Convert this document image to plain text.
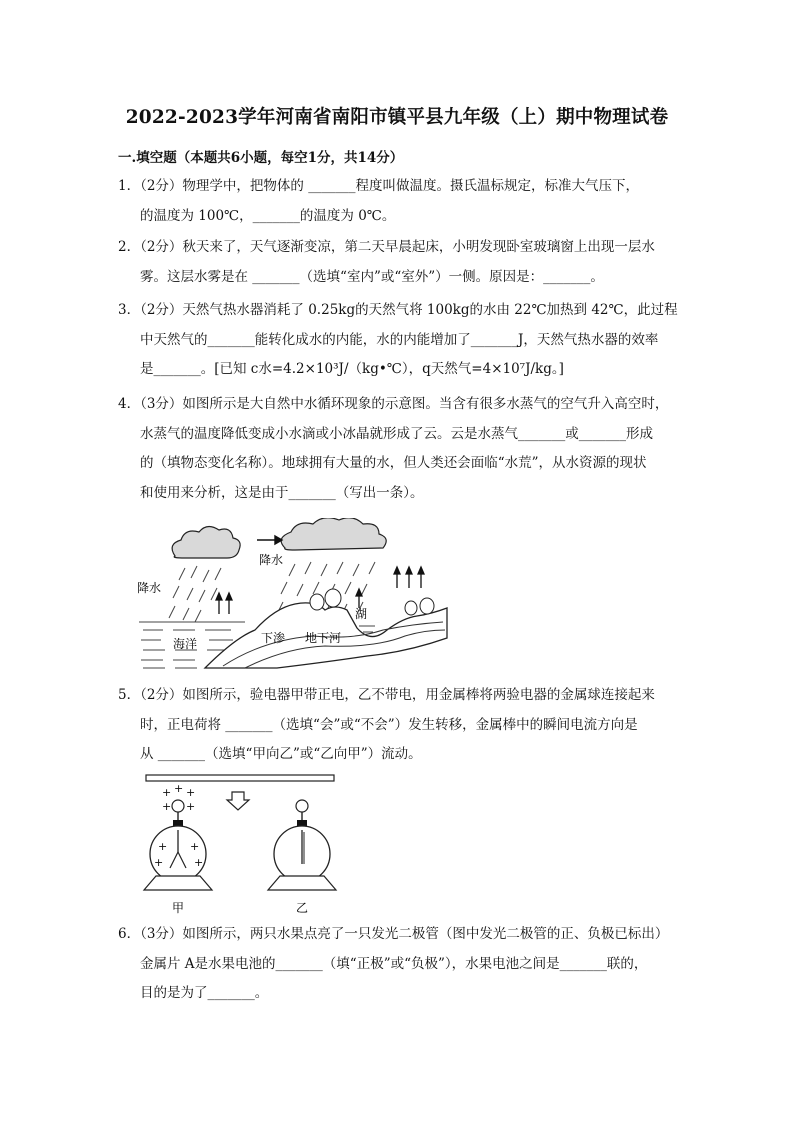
2022-2023学年河南省南阳市镇平县九年级（上）期中物理试卷
一.填空题（本题共6小题，每空1分，共14分）
1．（2分）物理学中，把物体的 _______程度叫做温度。摄氏温标规定，标准大气压下，
的温度为 100℃，_______的温度为 0℃。
2．（2分）秋天来了，天气逐渐变凉，第二天早晨起床，小明发现卧室玻璃窗上出现一层水
雾。这层水雾是在 _______（选填“室内”或“室外”）一侧。原因是：_______。
3．（2分）天然气热水器消耗了 0.25kg的天然气将 100kg的水由 22℃加热到 42℃，此过程
中天然气的_______能转化成水的内能，水的内能增加了_______J，天然气热水器的效率
是_______。[已知 c水=4.2×10³J/（kg•℃），q天然气=4×10⁷J/kg。]
4．（3分）如图所示是大自然中水循环现象的示意图。当含有很多水蒸气的空气升入高空时，
水蒸气的温度降低变成小水滴或小冰晶就形成了云。云是水蒸气_______或_______形成
的（填物态变化名称）。地球拥有大量的水，但人类还会面临“水荒”，从水资源的现状
和使用来分析，这是由于_______（写出一条）。
降水
降水
海洋	下渗 地下河
湖
5．（2分）如图所示，验电器甲带正电，乙不带电，用金属棒将两验电器的金属球连接起来
时，正电荷将 _______（选填“会”或“不会”）发生转移，金属棒中的瞬间电流方向是
从 _______（选填“甲向乙”或“乙向甲”）流动。
+ + +
+ +
+ +
+	+
甲	乙
6．（3分）如图所示，两只水果点亮了一只发光二极管（图中发光二极管的正、负极已标出）
金属片 A是水果电池的_______（填“正极”或“负极”），水果电池之间是_______联的，
目的是为了_______。
